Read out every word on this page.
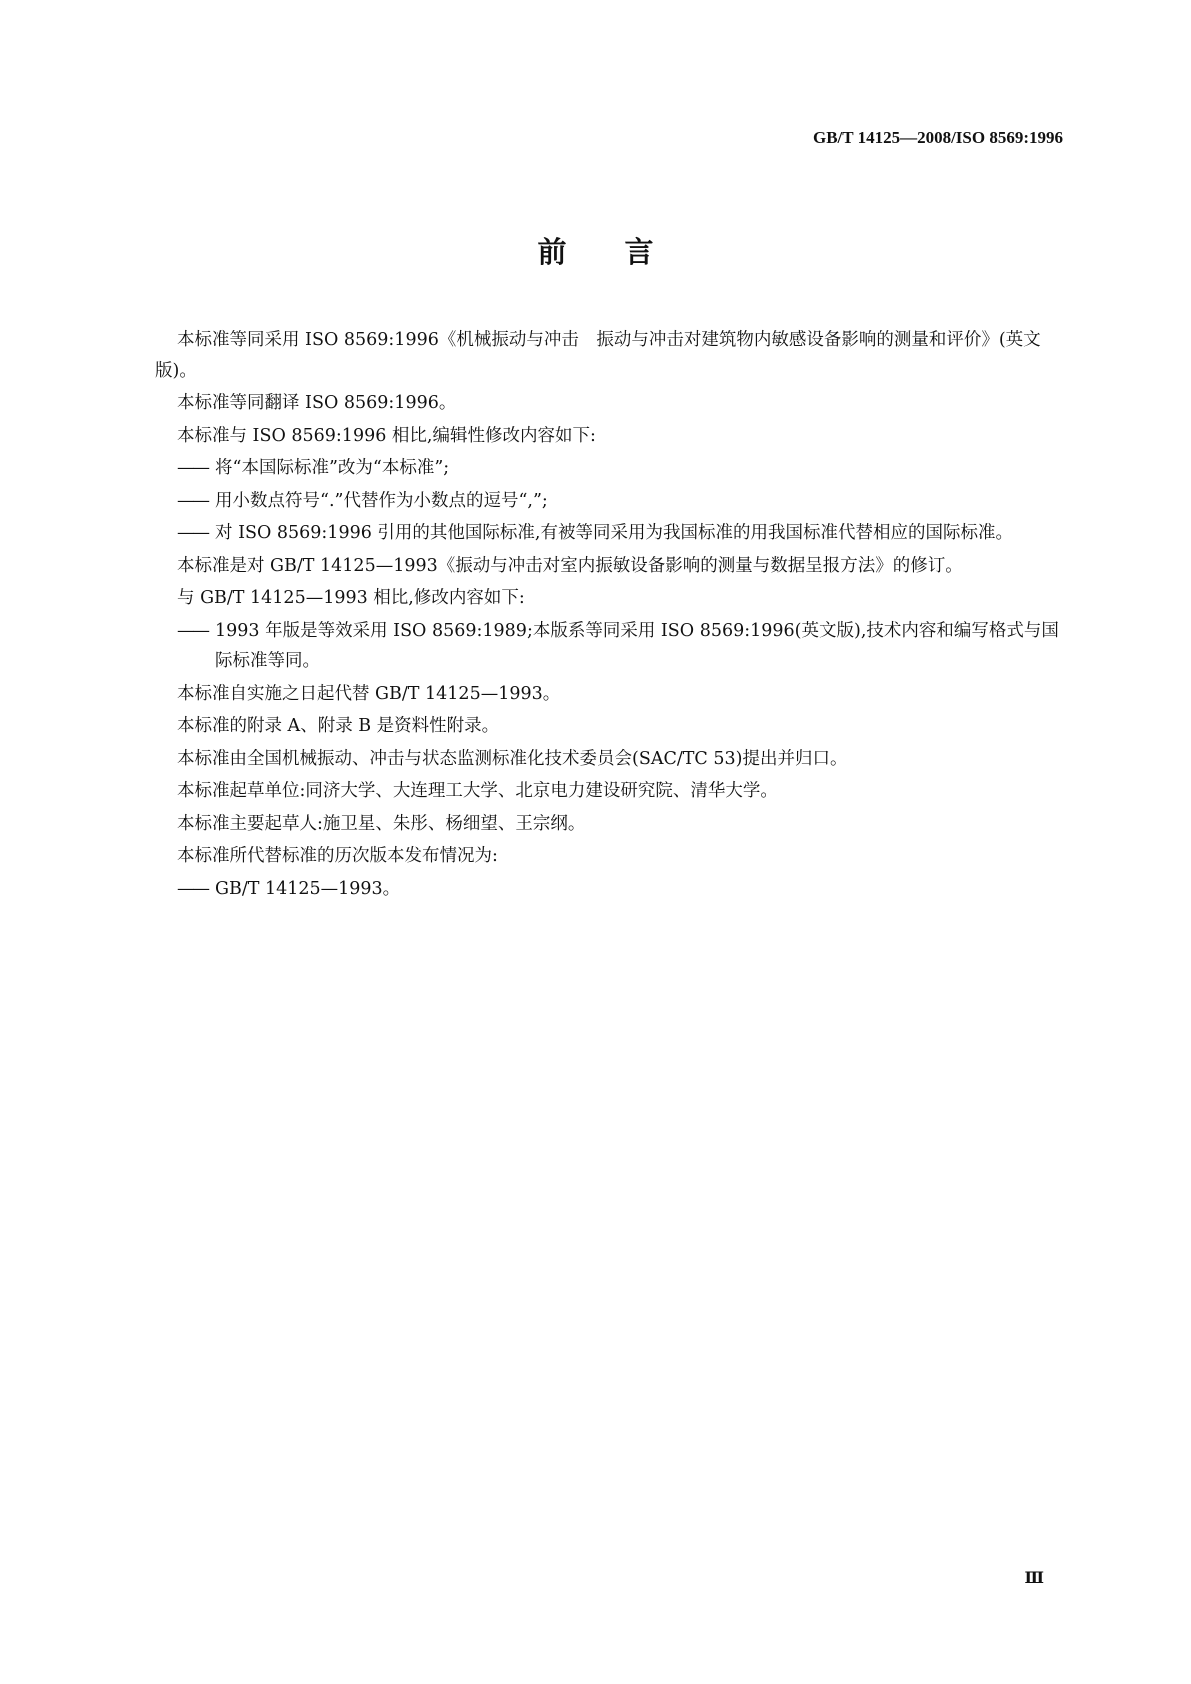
GB/T 14125—2008/ISO 8569:1996
前言

本标准等同采用 ISO 8569:1996《机械振动与冲击　振动与冲击对建筑物内敏感设备影响的测量和评价》(英文版)。

本标准等同翻译 ISO 8569:1996。

本标准与 ISO 8569:1996 相比,编辑性修改内容如下:

—— 将“本国际标准”改为“本标准”;

—— 用小数点符号“.”代替作为小数点的逗号“,”;

—— 对 ISO 8569:1996 引用的其他国际标准,有被等同采用为我国标准的用我国标准代替相应的国际标准。

本标准是对 GB/T 14125—1993《振动与冲击对室内振敏设备影响的测量与数据呈报方法》的修订。

与 GB/T 14125—1993 相比,修改内容如下:

—— 1993 年版是等效采用 ISO 8569:1989;本版系等同采用 ISO 8569:1996(英文版),技术内容和编写格式与国际标准等同。

本标准自实施之日起代替 GB/T 14125—1993。

本标准的附录 A、附录 B 是资料性附录。

本标准由全国机械振动、冲击与状态监测标准化技术委员会(SAC/TC 53)提出并归口。

本标准起草单位:同济大学、大连理工大学、北京电力建设研究院、清华大学。

本标准主要起草人:施卫星、朱彤、杨细望、王宗纲。

本标准所代替标准的历次版本发布情况为:

—— GB/T 14125—1993。

Ⅲ
